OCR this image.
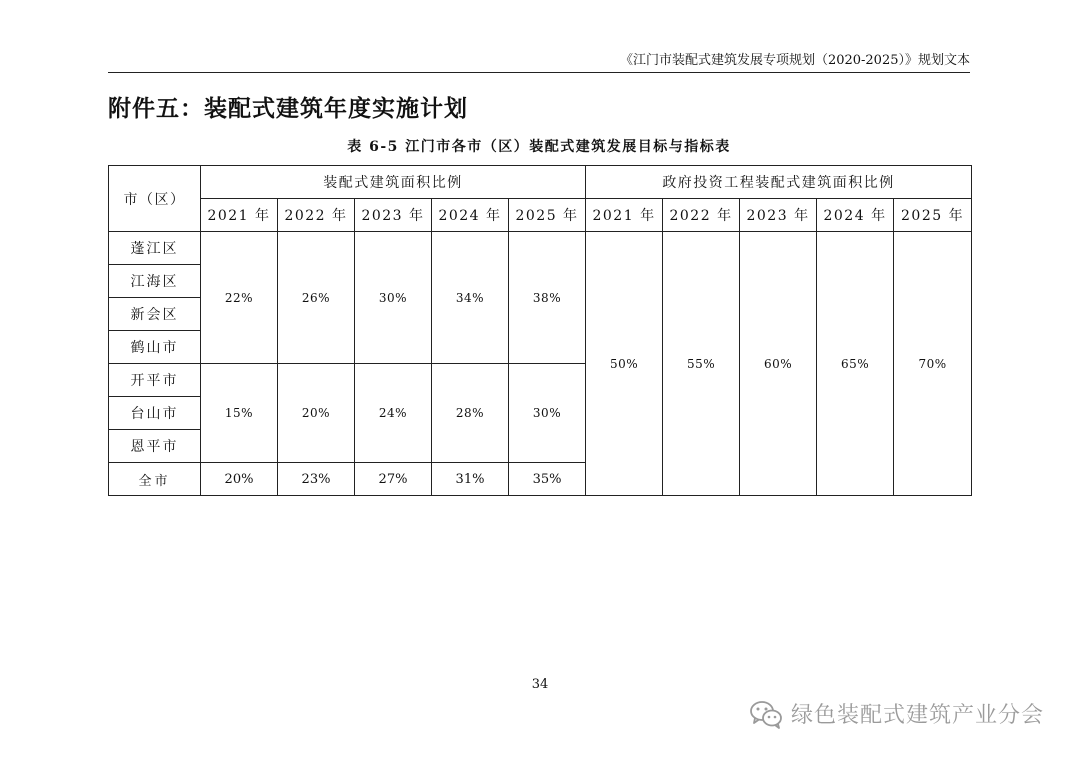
《江门市装配式建筑发展专项规划（2020-2025）》规划文本
附件五：装配式建筑年度实施计划
表 6-5 江门市各市（区）装配式建筑发展目标与指标表
市（区）	装配式建筑面积比例					政府投资工程装配式建筑面积比例				
	2021 年	2022 年	2023 年	2024 年	2025 年	2021 年	2022 年	2023 年	2024 年	2025 年
蓬江区	22%	26%	30%	34%	38%	50%	55%	60%	65%	70%
江海区										
新会区										
鹤山市										
开平市	15%	20%	24%	28%	30%					
台山市										
恩平市										
全市	20%	23%	27%	31%	35%					
34
绿色装配式建筑产业分会
